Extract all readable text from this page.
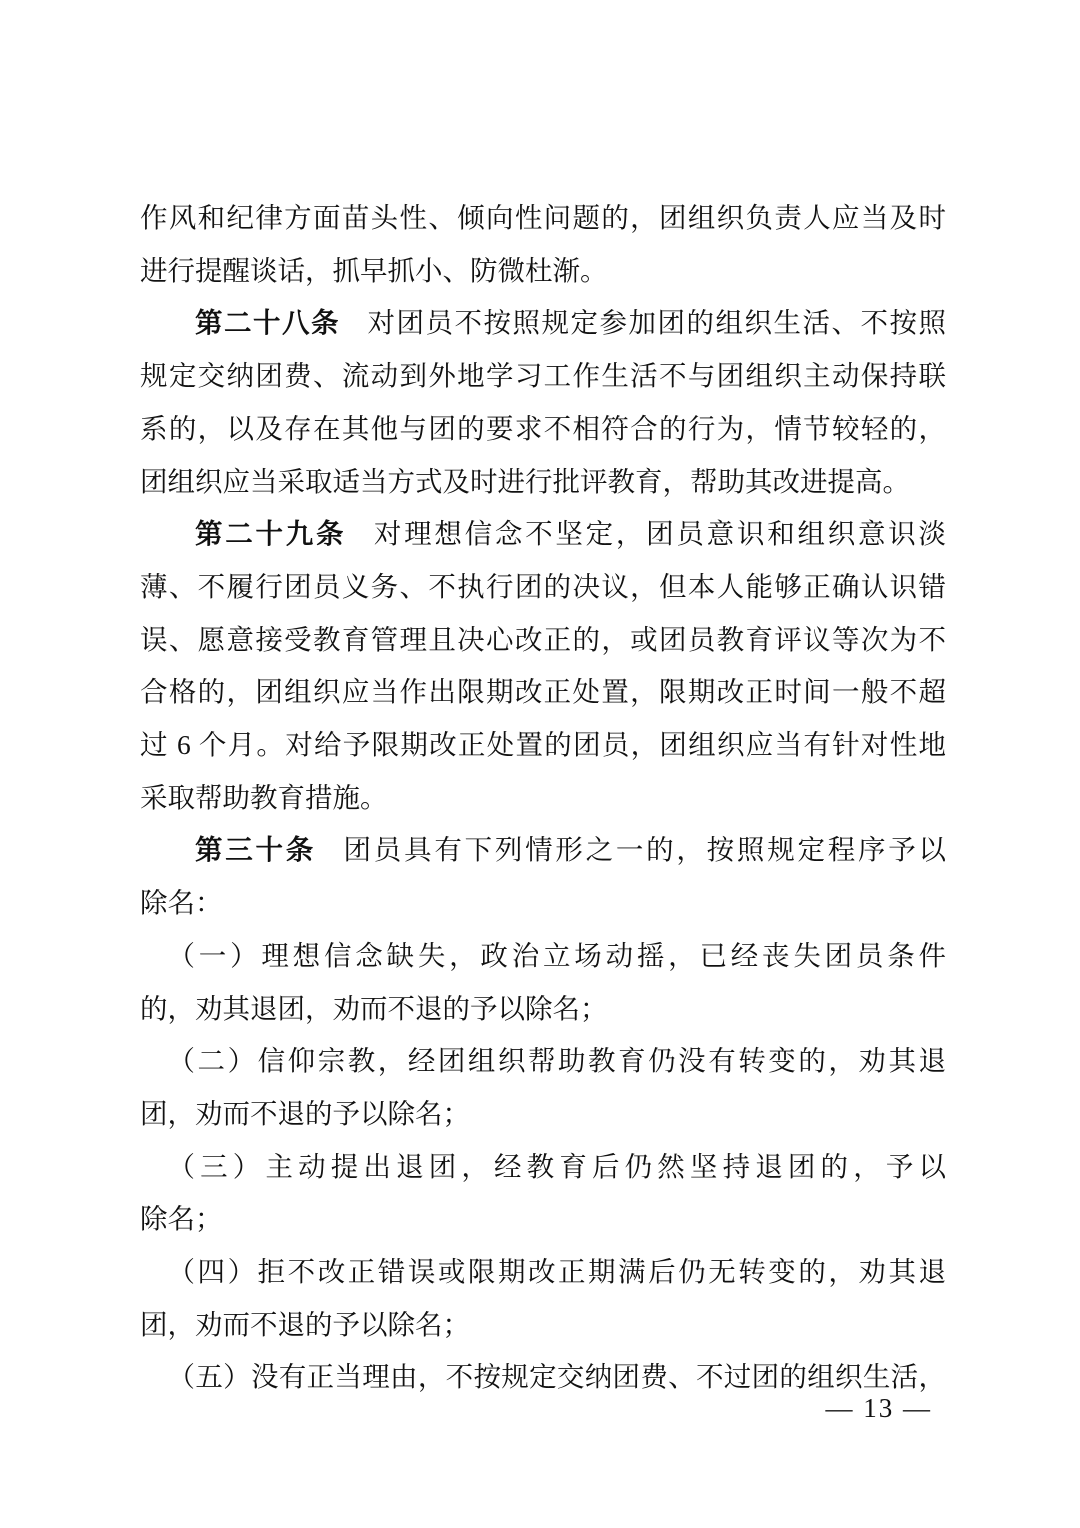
作风和纪律方面苗头性、倾向性问题的，团组织负责人应当及时
进行提醒谈话，抓早抓小、防微杜渐。
第二十八条 对团员不按照规定参加团的组织生活、不按照
规定交纳团费、流动到外地学习工作生活不与团组织主动保持联
系的，以及存在其他与团的要求不相符合的行为，情节较轻的，
团组织应当采取适当方式及时进行批评教育，帮助其改进提高。
第二十九条 对理想信念不坚定，团员意识和组织意识淡
薄、不履行团员义务、不执行团的决议，但本人能够正确认识错
误、愿意接受教育管理且决心改正的，或团员教育评议等次为不
合格的，团组织应当作出限期改正处置，限期改正时间一般不超
过 6 个月。对给予限期改正处置的团员，团组织应当有针对性地
采取帮助教育措施。
第三十条 团员具有下列情形之一的，按照规定程序予以
除名：
（一）理想信念缺失，政治立场动摇，已经丧失团员条件
的，劝其退团，劝而不退的予以除名；
（二）信仰宗教，经团组织帮助教育仍没有转变的，劝其退
团，劝而不退的予以除名；
（三）主动提出退团，经教育后仍然坚持退团的，予以
除名；
（四）拒不改正错误或限期改正期满后仍无转变的，劝其退
团，劝而不退的予以除名；
（五）没有正当理由，不按规定交纳团费、不过团的组织生活，
— 13 —
